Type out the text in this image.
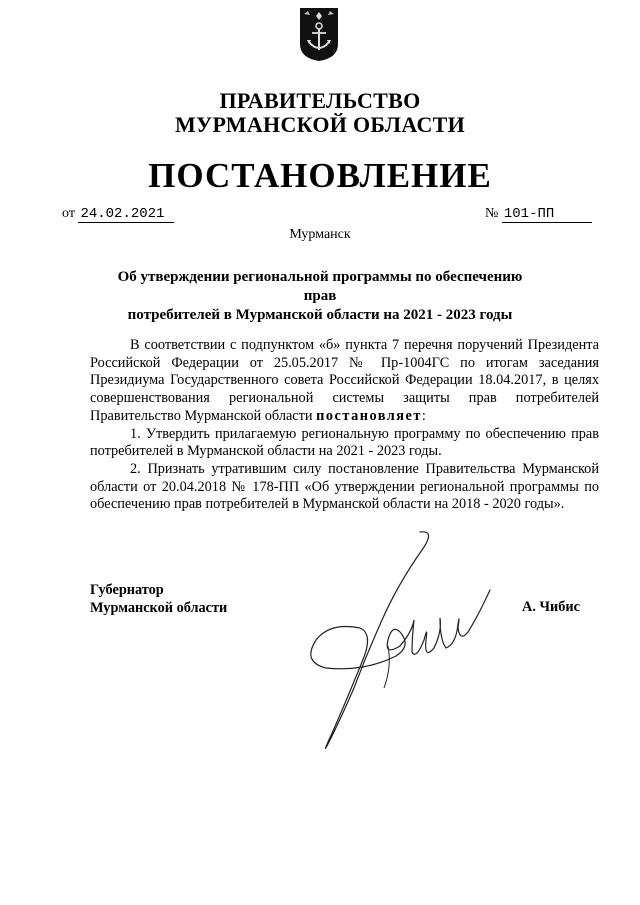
ПРАВИТЕЛЬСТВО
МУРМАНСКОЙ ОБЛАСТИ
ПОСТАНОВЛЕНИЕ
от 24.02.2021	№ 101-ПП
Мурманск
Об утверждении региональной программы по обеспечению прав
потребителей в Мурманской области на 2021 - 2023 годы

В соответствии с подпунктом «б» пункта 7 перечня поручений Президента Российской Федерации от 25.05.2017 № Пр-1004ГС по итогам заседания Президиума Государственного совета Российской Федерации 18.04.2017, в целях совершенствования региональной системы защиты прав потребителей Правительство Мурманской области постановляет:

1. Утвердить прилагаемую региональную программу по обеспечению прав потребителей в Мурманской области на 2021 - 2023 годы.

2. Признать утратившим силу постановление Правительства Мурманской области от 20.04.2018 № 178-ПП «Об утверждении региональной программы по обеспечению прав потребителей в Мурманской области на 2018 - 2020 годы».

Губернатор
Мурманской области	А. Чибис
